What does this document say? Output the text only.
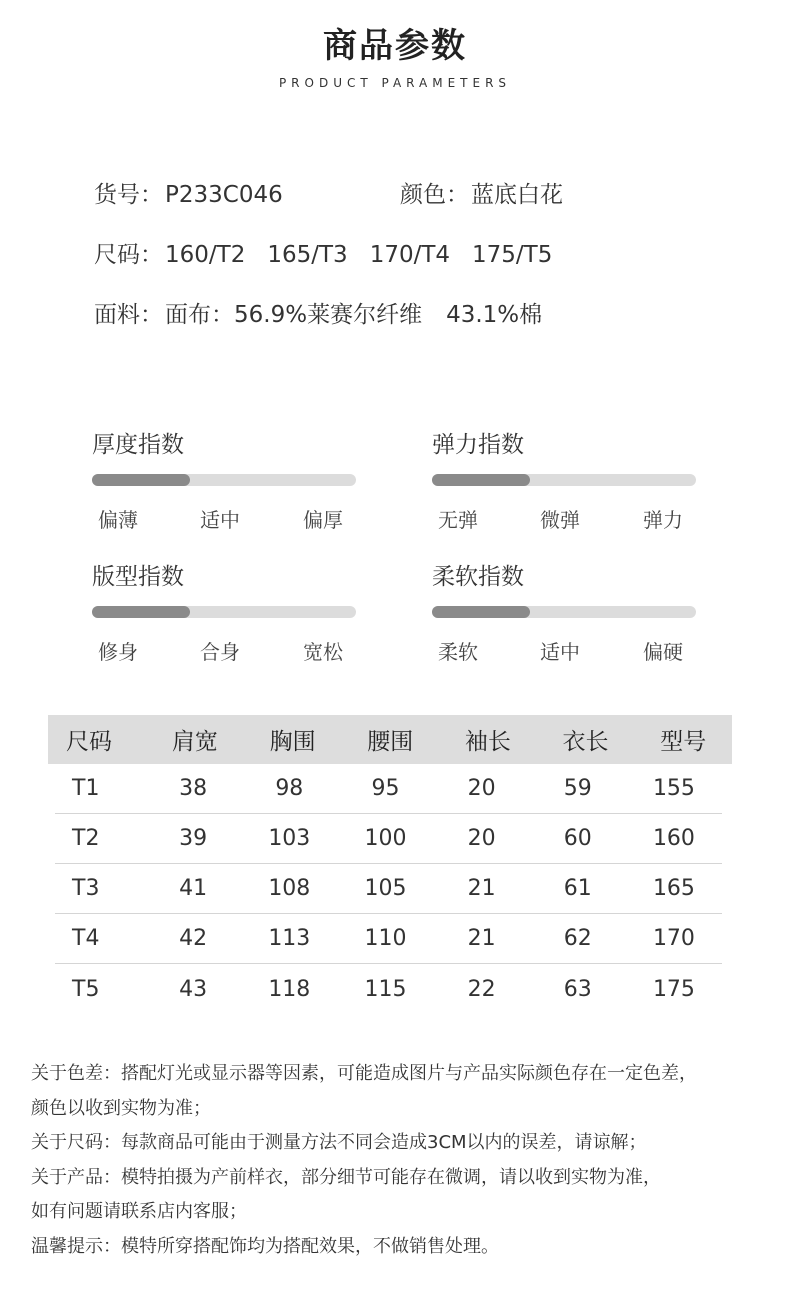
商品参数
PRODUCT PARAMETERS
货号：P233C046	颜色：蓝底白花
尺码：160/T2 165/T3 170/T4 175/T5
面料：面布：56.9%莱赛尔纤维 43.1%棉
厚度指数
偏薄	适中	偏厚
弹力指数
无弹	微弹	弹力
版型指数
修身	合身	宽松
柔软指数
柔软	适中	偏硬
尺码	肩宽	胸围	腰围	袖长	衣长	型号
T1	38	98	95	20	59	155
T2	39	103	100	20	60	160
T3	41	108	105	21	61	165
T4	42	113	110	21	62	170
T5	43	118	115	22	63	175
关于色差：搭配灯光或显示器等因素，可能造成图片与产品实际颜色存在一定色差，
颜色以收到实物为准；
关于尺码：每款商品可能由于测量方法不同会造成3CM以内的误差，请谅解；
关于产品：模特拍摄为产前样衣，部分细节可能存在微调，请以收到实物为准，
如有问题请联系店内客服；
温馨提示：模特所穿搭配饰均为搭配效果，不做销售处理。
